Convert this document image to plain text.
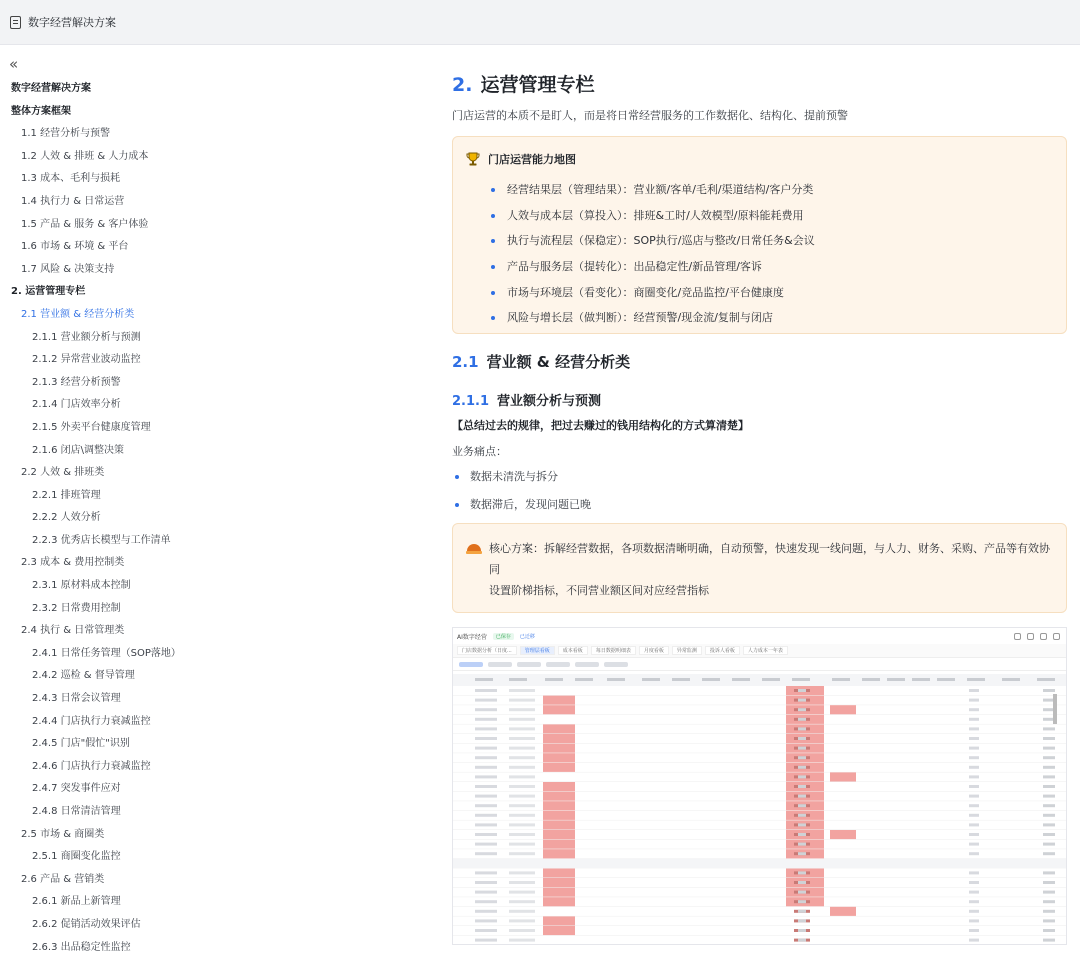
数字经营解决方案
«
数字经营解决方案
整体方案框架
1.1 经营分析与预警
1.2 人效 & 排班 & 人力成本
1.3 成本、毛利与损耗
1.4 执行力 & 日常运营
1.5 产品 & 服务 & 客户体验
1.6 市场 & 环境 & 平台
1.7 风险 & 决策支持
2. 运营管理专栏
2.1 营业额 & 经营分析类
2.1.1 营业额分析与预测
2.1.2 异常营业波动监控
2.1.3 经营分析预警
2.1.4 门店效率分析
2.1.5 外卖平台健康度管理
2.1.6 闭店\调整决策
2.2 人效 & 排班类
2.2.1 排班管理
2.2.2 人效分析
2.2.3 优秀店长模型与工作清单
2.3 成本 & 费用控制类
2.3.1 原材料成本控制
2.3.2 日常费用控制
2.4 执行 & 日常管理类
2.4.1 日常任务管理（SOP落地）
2.4.2 巡检 & 督导管理
2.4.3 日常会议管理
2.4.4 门店执行力衰减监控
2.4.5 门店"假忙"识别
2.4.6 门店执行力衰减监控
2.4.7 突发事件应对
2.4.8 日常清洁管理
2.5 市场 & 商圈类
2.5.1 商圈变化监控
2.6 产品 & 营销类
2.6.1 新品上新管理
2.6.2 促销活动效果评估
2.6.3 出品稳定性监控
2. 运营管理专栏
门店运营的本质不是盯人，而是将日常经营服务的工作数据化、结构化、提前预警
门店运营能力地图
经营结果层（管理结果）：营业额/客单/毛利/渠道结构/客户分类
人效与成本层（算投入）：排班&工时/人效模型/原料能耗费用
执行与流程层（保稳定）：SOP执行/巡店与整改/日常任务&会议
产品与服务层（提转化）：出品稳定性/新品管理/客诉
市场与环境层（看变化）：商圈变化/竞品监控/平台健康度
风险与增长层（做判断）：经营预警/现金流/复制与闭店
2.1 营业额 & 经营分析类
2.1.1 营业额分析与预测
【总结过去的规律，把过去赚过的钱用结构化的方式算清楚】
业务痛点：
数据未清洗与拆分
数据滞后，发现问题已晚
核心方案：拆解经营数据，各项数据清晰明确，自动预警，快速发现一线问题，与人力、财务、采购、产品等有效协同
设置阶梯指标，不同营业额区间对应经营指标
AI数字经营	已保存	已迁移
门店数据分析（日度...	管理层看板	成本看板	每日数据明细表	月度看板	异常监测	投诉人看板	人力成本一年表
